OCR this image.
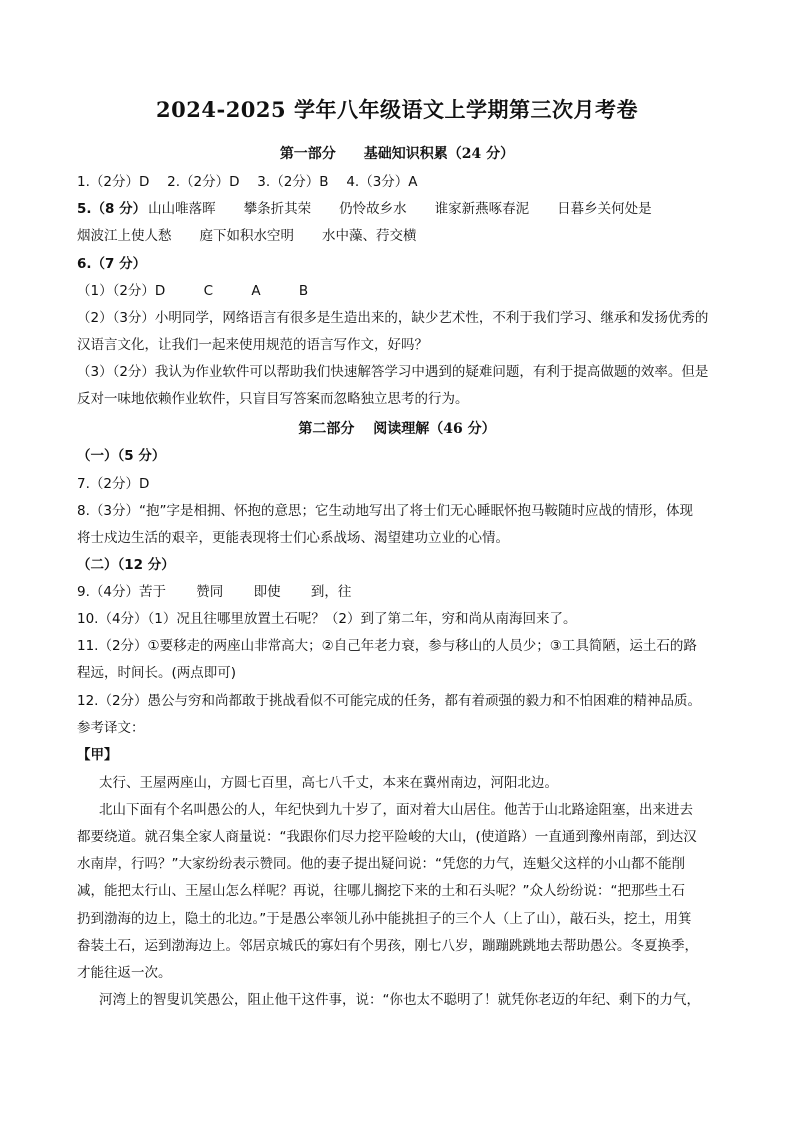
2024-2025 学年八年级语文上学期第三次月考卷
第一部分　　基础知识积累（24 分）
1.（2分）D　 2.（2分）D　 3.（2分）B　 4.（3分）A
5.（8 分） 山山唯落晖 攀条折其荣 仍怜故乡水 谁家新燕啄春泥 日暮乡关何处是
烟波江上使人愁 庭下如积水空明 水中藻、荇交横
6.（7 分）
（1）（2分）D	C	A	B
（2）（3分）小明同学，网络语言有很多是生造出来的，缺少艺术性，不利于我们学习、继承和发扬优秀的
汉语言文化，让我们一起来使用规范的语言写作文，好吗？
（3）（2分）我认为作业软件可以帮助我们快速解答学习中遇到的疑难问题，有利于提高做题的效率。但是
反对一味地依赖作业软件，只盲目写答案而忽略独立思考的行为。
第二部分　 阅读理解（46 分）
（一）（5 分）
7.（2分）D
8.（3分）“抱”字是相拥、怀抱的意思；它生动地写出了将士们无心睡眠怀抱马鞍随时应战的情形，体现
将士戍边生活的艰辛，更能表现将士们心系战场、渴望建功立业的心情。
（二）（12 分）
9.（4分）苦于 赞同 即使 到，往
10.（4分）（1）况且往哪里放置土石呢？（2）到了第二年，穷和尚从南海回来了。
11.（2分）①要移走的两座山非常高大；②自己年老力衰，参与移山的人员少；③工具简陋，运土石的路
程远，时间长。(两点即可)
12.（2分）愚公与穷和尚都敢于挑战看似不可能完成的任务，都有着顽强的毅力和不怕困难的精神品质。
参考译文：
【甲】
太行、王屋两座山，方圆七百里，高七八千丈，本来在冀州南边，河阳北边。
北山下面有个名叫愚公的人，年纪快到九十岁了，面对着大山居住。他苦于山北路途阻塞，出来进去
都要绕道。就召集全家人商量说：“我跟你们尽力挖平险峻的大山，(使道路）一直通到豫州南部，到达汉
水南岸，行吗？”大家纷纷表示赞同。他的妻子提出疑问说：“凭您的力气，连魁父这样的小山都不能削
减，能把太行山、王屋山怎么样呢？再说，往哪儿搁挖下来的土和石头呢？”众人纷纷说：“把那些土石
扔到渤海的边上，隐土的北边。”于是愚公率领儿孙中能挑担子的三个人（上了山），敲石头，挖土，用箕
畚装土石，运到渤海边上。邻居京城氏的寡妇有个男孩，刚七八岁，蹦蹦跳跳地去帮助愚公。冬夏换季，
才能往返一次。
河湾上的智叟讥笑愚公，阻止他干这件事，说：“你也太不聪明了！就凭你老迈的年纪、剩下的力气，
